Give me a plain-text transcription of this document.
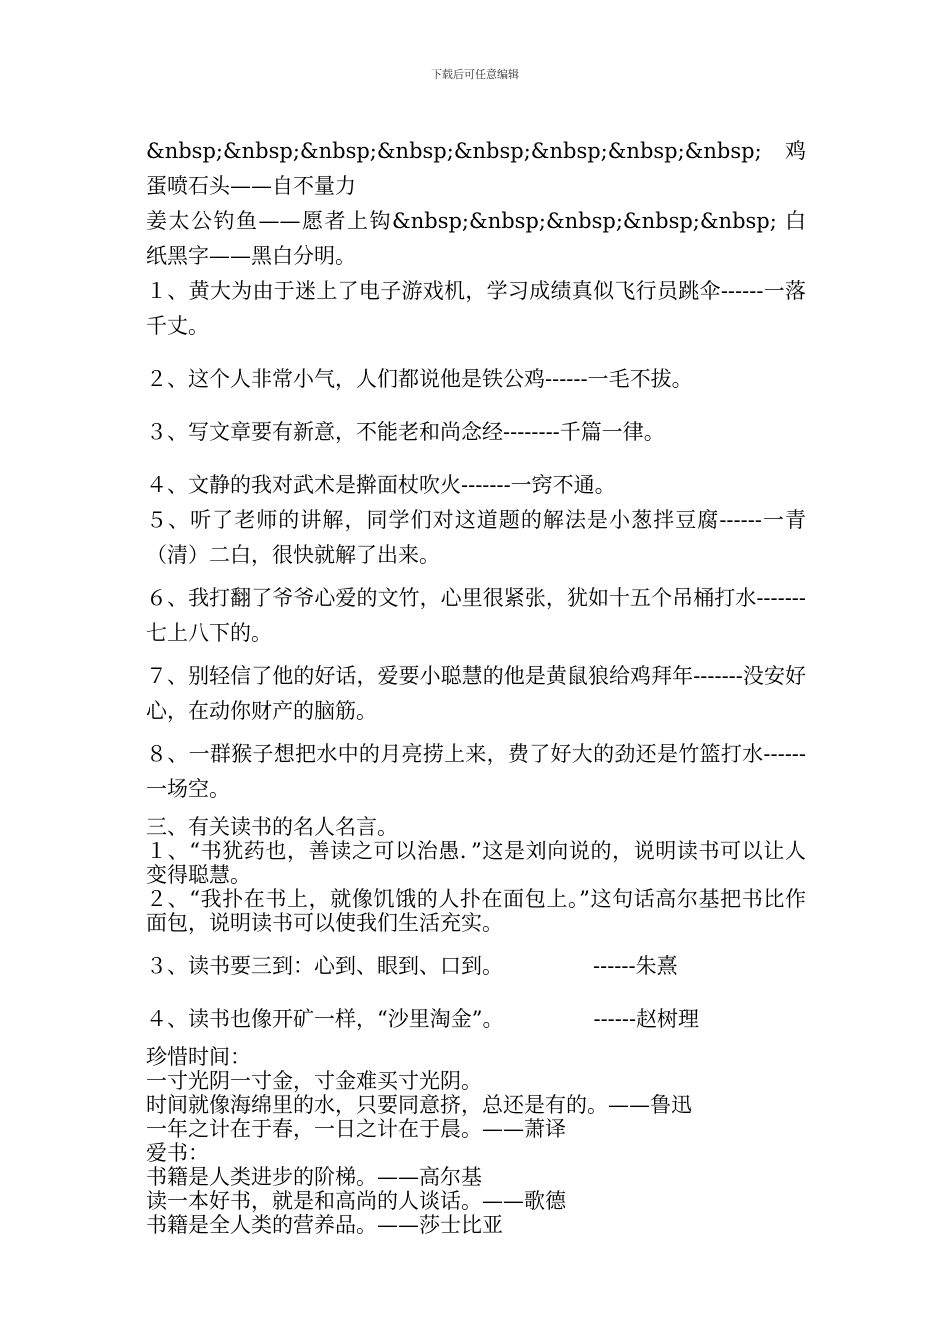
下载后可任意编辑

&nbsp;&nbsp;&nbsp;&nbsp;&nbsp;&nbsp;&nbsp;&nbsp; 鸡蛋喷石头——自不量力

姜太公钓鱼——愿者上钩&nbsp;&nbsp;&nbsp;&nbsp;&nbsp; 白纸黑字——黑白分明。

１、黄大为由于迷上了电子游戏机，学习成绩真似飞行员跳伞------一落千丈。

２、这个人非常小气，人们都说他是铁公鸡------一毛不拔。

３、写文章要有新意，不能老和尚念经--------千篇一律。

４、文静的我对武术是擀面杖吹火-------一窍不通。

５、听了老师的讲解，同学们对这道题的解法是小葱拌豆腐------一青（清）二白，很快就解了出来。

６、我打翻了爷爷心爱的文竹，心里很紧张，犹如十五个吊桶打水-------七上八下的。

７、别轻信了他的好话，爱要小聪慧的他是黄鼠狼给鸡拜年-------没安好心，在动你财产的脑筋。

８、一群猴子想把水中的月亮捞上来，费了好大的劲还是竹篮打水------一场空。

三、有关读书的名人名言。

１、“书犹药也，善读之可以治愚．”这是刘向说的，说明读书可以让人变得聪慧。

２、“我扑在书上，就像饥饿的人扑在面包上。”这句话高尔基把书比作面包，说明读书可以使我们生活充实。

３、读书要三到：心到、眼到、口到。	------朱熹

４、读书也像开矿一样，“沙里淘金”。	------赵树理

珍惜时间：

一寸光阴一寸金，寸金难买寸光阴。

时间就像海绵里的水，只要同意挤，总还是有的。——鲁迅

一年之计在于春，一日之计在于晨。——萧译

爱书：

书籍是人类进步的阶梯。——高尔基

读一本好书，就是和高尚的人谈话。——歌德

书籍是全人类的营养品。——莎士比亚
